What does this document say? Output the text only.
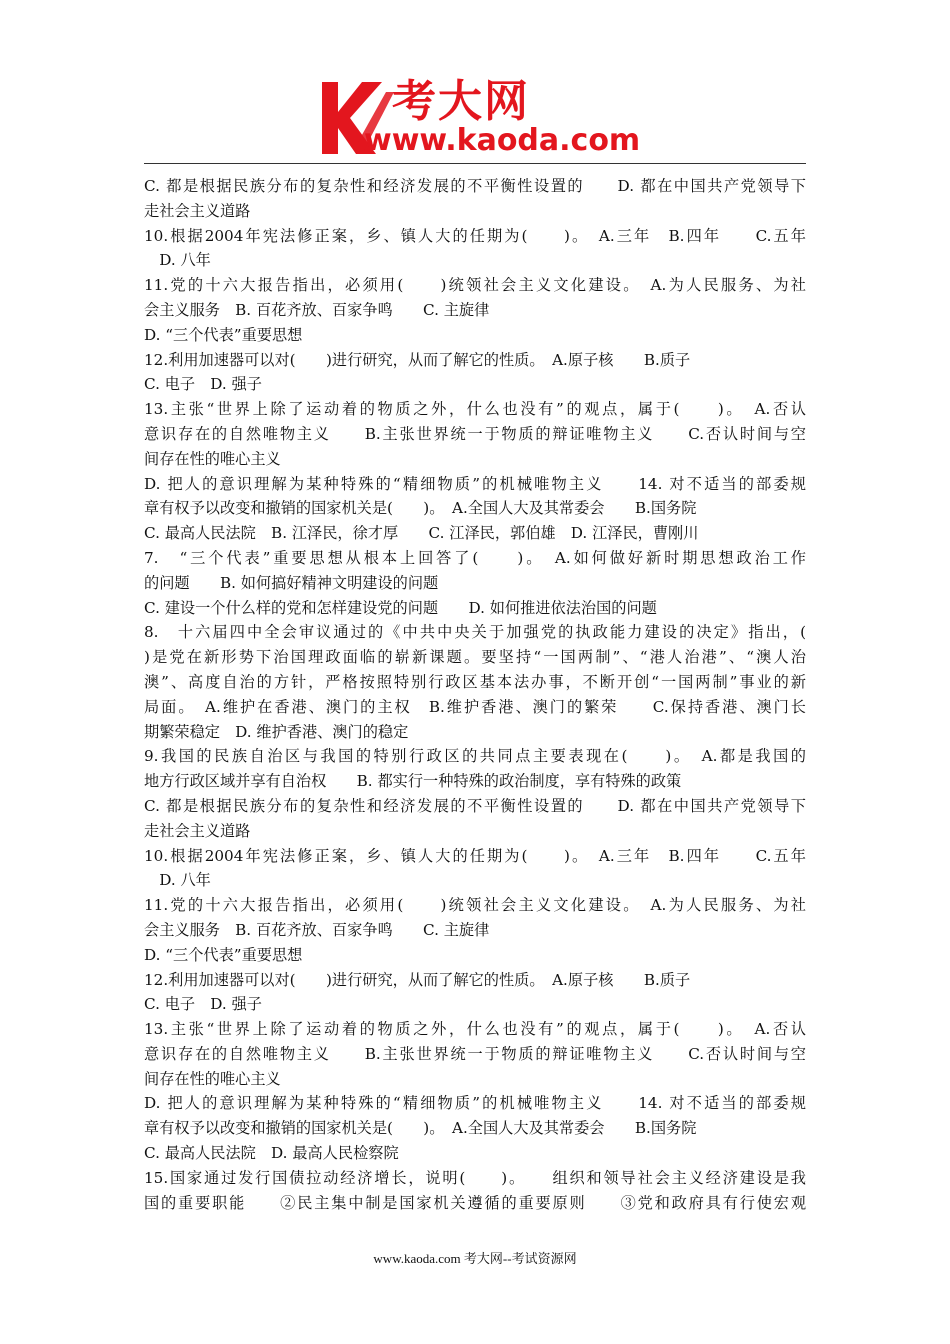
考大网
www.kaoda.com
C. 都是根据民族分布的复杂性和经济发展的不平衡性设置的　　D. 都在中国共产党领导下
走社会主义道路
10.根据2004年宪法修正案，乡、镇人大的任期为(　　)。　A.三年　B.四年　　C.五年
　D. 八年
11.党的十六大报告指出，必须用(　　)统领社会主义文化建设。　A.为人民服务、为社
会主义服务　B. 百花齐放、百家争鸣　　C. 主旋律
D. “三个代表”重要思想
12.利用加速器可以对(　　)进行研究，从而了解它的性质。　A.原子核　　B.质子
C. 电子　D. 强子
13.主张“世界上除了运动着的物质之外，什么也没有”的观点，属于(　　)。　A.否认
意识存在的自然唯物主义　　B.主张世界统一于物质的辩证唯物主义　　C.否认时间与空
间存在性的唯心主义
D. 把人的意识理解为某种特殊的“精细物质”的机械唯物主义　　14. 对不适当的部委规
章有权予以改变和撤销的国家机关是(　　)。　A.全国人大及其常委会　　B.国务院
C. 最高人民法院　B. 江泽民，徐才厚　　C. 江泽民，郭伯雄　D. 江泽民，曹刚川
7.　“三个代表”重要思想从根本上回答了(　　)。　A.如何做好新时期思想政治工作
的问题　　B. 如何搞好精神文明建设的问题
C. 建设一个什么样的党和怎样建设党的问题　　D. 如何推进依法治国的问题
8.　十六届四中全会审议通过的《中共中央关于加强党的执政能力建设的决定》指出，(
)是党在新形势下治国理政面临的崭新课题。要坚持“一国两制”、“港人治港”、“澳人治
澳”、高度自治的方针，严格按照特别行政区基本法办事，不断开创“一国两制”事业的新
局面。　A.维护在香港、澳门的主权　B.维护香港、澳门的繁荣　　C.保持香港、澳门长
期繁荣稳定　D. 维护香港、澳门的稳定
9.我国的民族自治区与我国的特别行政区的共同点主要表现在(　　)。　A.都是我国的
地方行政区域并享有自治权　　B. 都实行一种特殊的政治制度，享有特殊的政策
C. 都是根据民族分布的复杂性和经济发展的不平衡性设置的　　D. 都在中国共产党领导下
走社会主义道路
10.根据2004年宪法修正案，乡、镇人大的任期为(　　)。　A.三年　B.四年　　C.五年
　D. 八年
11.党的十六大报告指出，必须用(　　)统领社会主义文化建设。　A.为人民服务、为社
会主义服务　B. 百花齐放、百家争鸣　　C. 主旋律
D. “三个代表”重要思想
12.利用加速器可以对(　　)进行研究，从而了解它的性质。　A.原子核　　B.质子
C. 电子　D. 强子
13.主张“世界上除了运动着的物质之外，什么也没有”的观点，属于(　　)。　A.否认
意识存在的自然唯物主义　　B.主张世界统一于物质的辩证唯物主义　　C.否认时间与空
间存在性的唯心主义
D. 把人的意识理解为某种特殊的“精细物质”的机械唯物主义　　14. 对不适当的部委规
章有权予以改变和撤销的国家机关是(　　)。　A.全国人大及其常委会　　B.国务院
C. 最高人民法院　D. 最高人民检察院
15.国家通过发行国债拉动经济增长，说明(　　)。　　组织和领导社会主义经济建设是我
国的重要职能　　②民主集中制是国家机关遵循的重要原则　　③党和政府具有行使宏观
www.kaoda.com 考大网--考试资源网
